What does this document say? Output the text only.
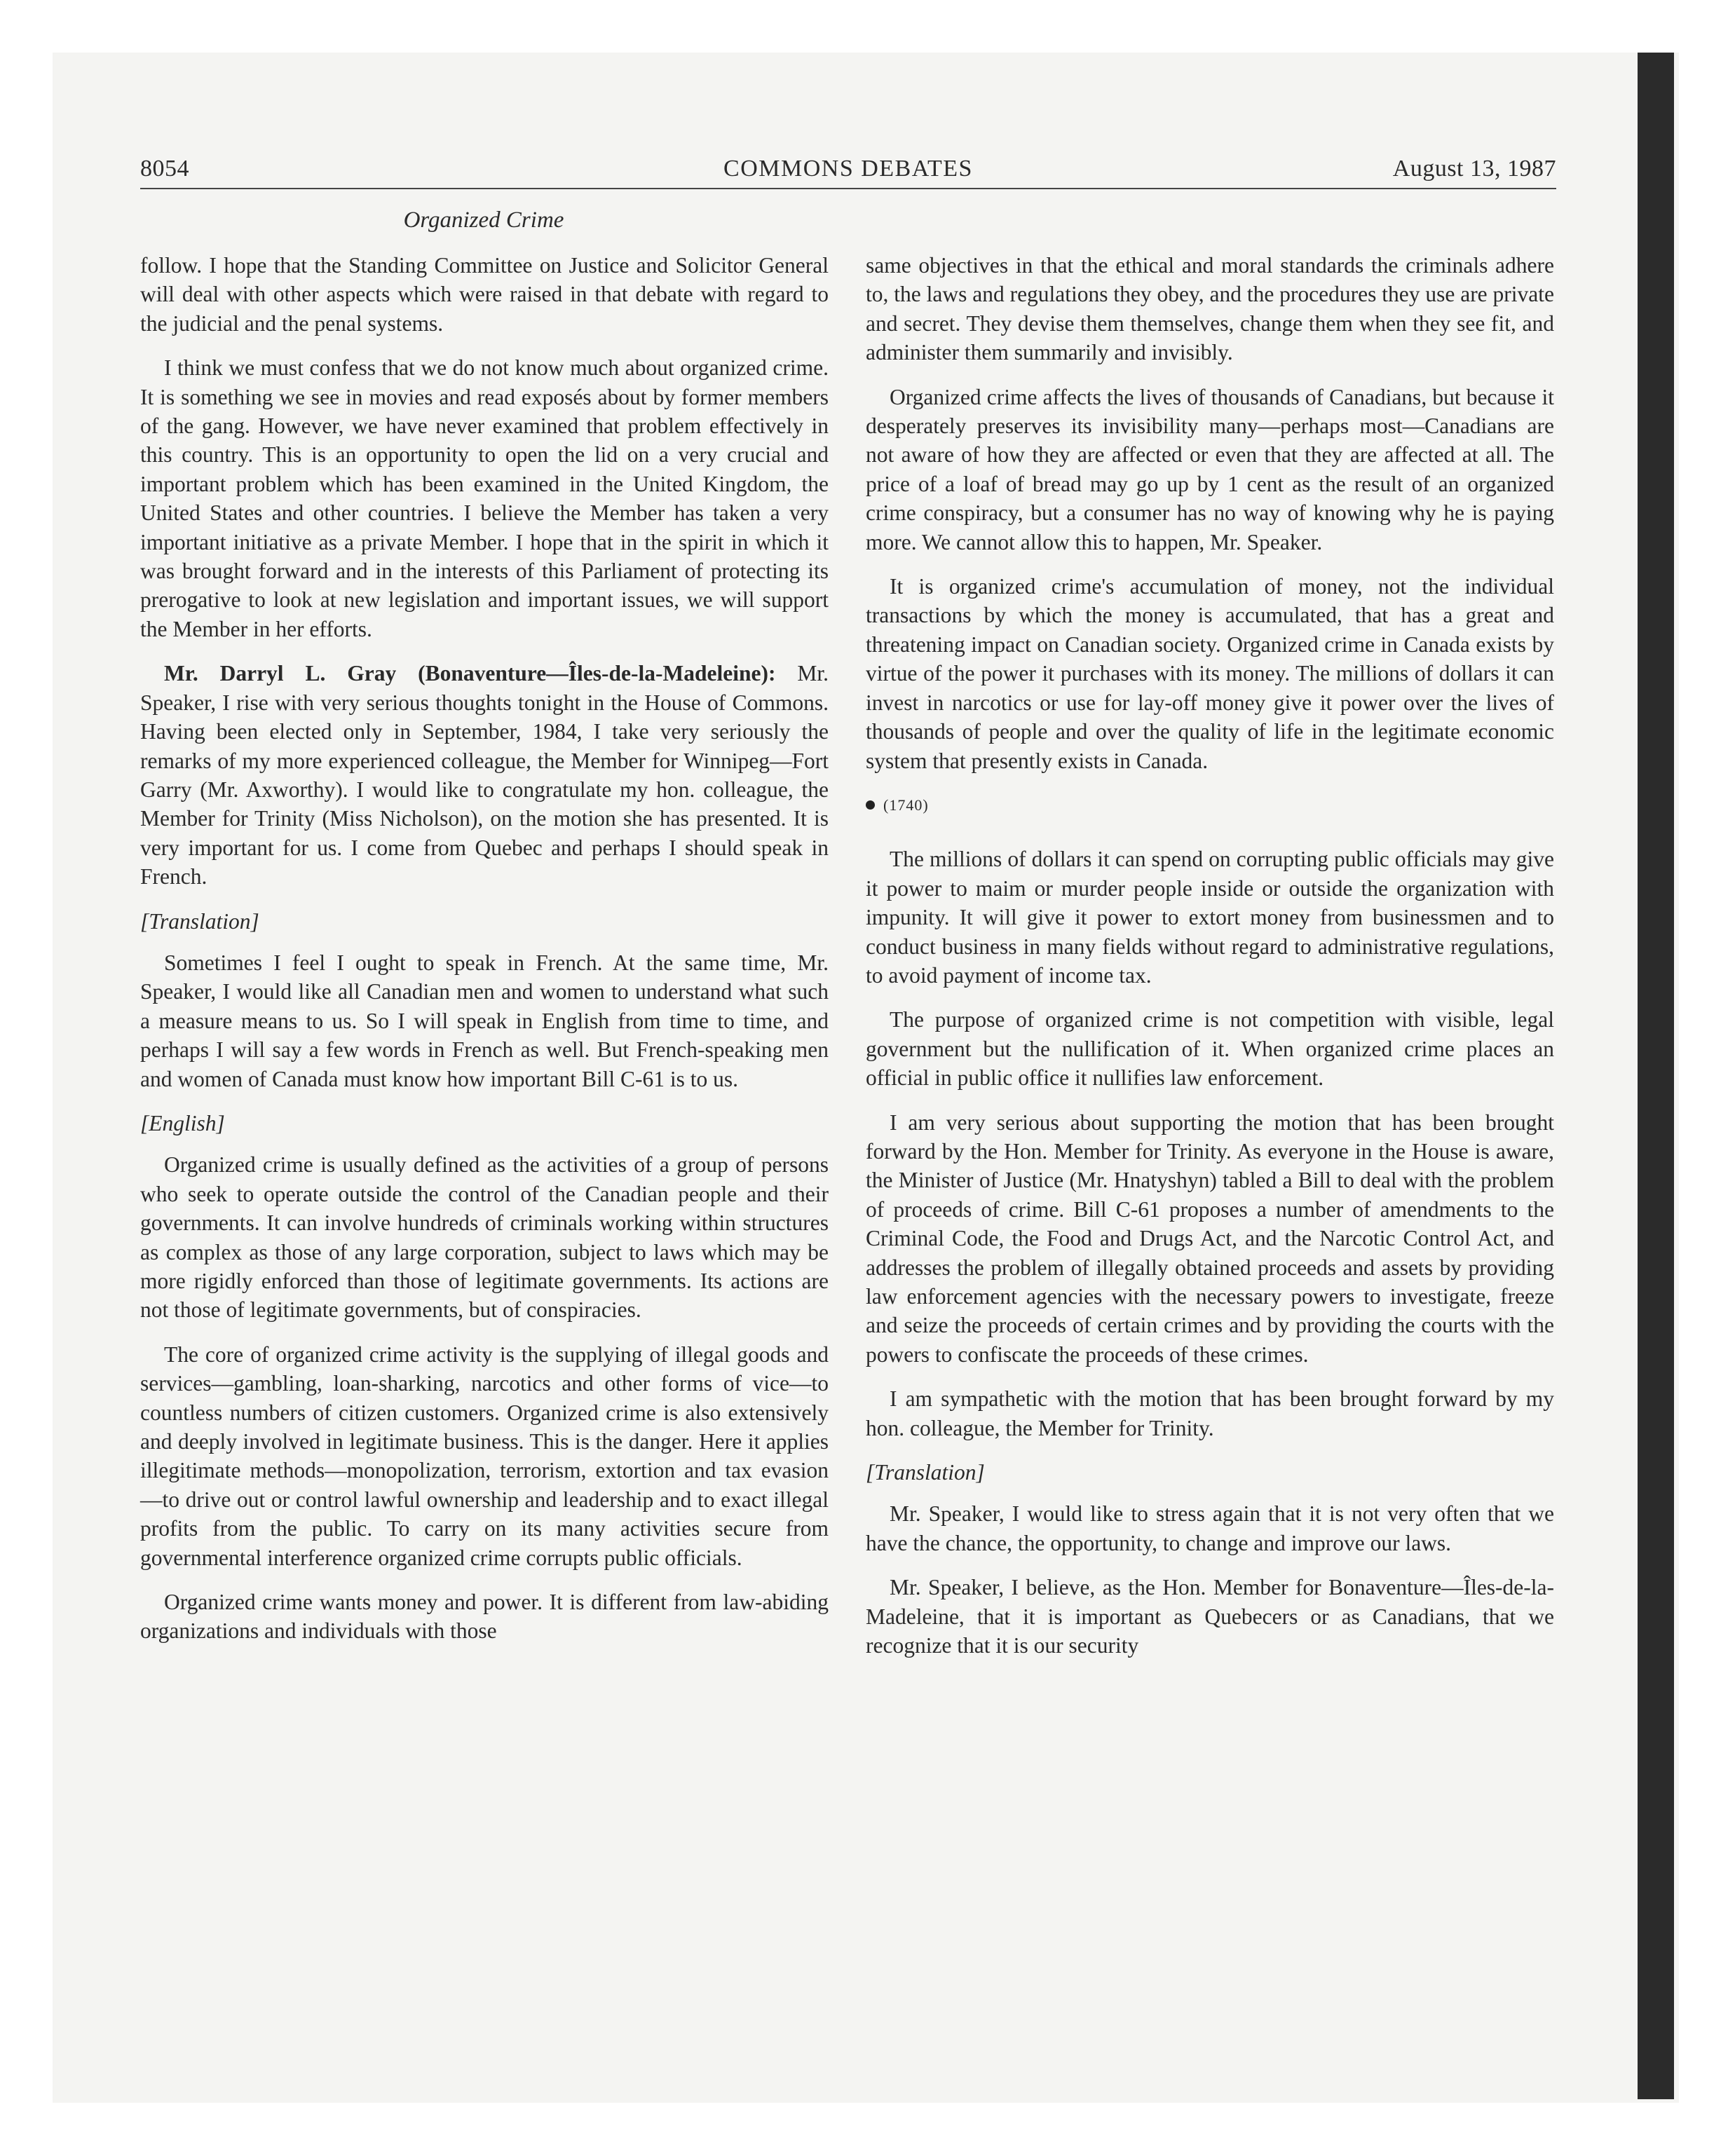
8054	COMMONS DEBATES	August 13, 1987
Organized Crime

follow. I hope that the Standing Committee on Justice and Solicitor General will deal with other aspects which were raised in that debate with regard to the judicial and the penal systems.

I think we must confess that we do not know much about organized crime. It is something we see in movies and read exposés about by former members of the gang. However, we have never examined that problem effectively in this country. This is an opportunity to open the lid on a very crucial and important problem which has been examined in the United Kingdom, the United States and other countries. I believe the Member has taken a very important initiative as a private Member. I hope that in the spirit in which it was brought forward and in the interests of this Parliament of protecting its prerogative to look at new legislation and important issues, we will support the Member in her efforts.

Mr. Darryl L. Gray (Bonaventure—Îles-de-la-Madeleine): Mr. Speaker, I rise with very serious thoughts tonight in the House of Commons. Having been elected only in September, 1984, I take very seriously the remarks of my more experienced colleague, the Member for Winnipeg—Fort Garry (Mr. Axworthy). I would like to congratulate my hon. colleague, the Member for Trinity (Miss Nicholson), on the motion she has presented. It is very important for us. I come from Quebec and perhaps I should speak in French.

[Translation]

Sometimes I feel I ought to speak in French. At the same time, Mr. Speaker, I would like all Canadian men and women to understand what such a measure means to us. So I will speak in English from time to time, and perhaps I will say a few words in French as well. But French-speaking men and women of Canada must know how important Bill C-61 is to us.

[English]

Organized crime is usually defined as the activities of a group of persons who seek to operate outside the control of the Canadian people and their governments. It can involve hundreds of criminals working within structures as complex as those of any large corporation, subject to laws which may be more rigidly enforced than those of legitimate governments. Its actions are not those of legitimate governments, but of conspiracies.

The core of organized crime activity is the supplying of illegal goods and services—gambling, loan-sharking, narcotics and other forms of vice—to countless numbers of citizen customers. Organized crime is also extensively and deeply involved in legitimate business. This is the danger. Here it applies illegitimate methods—monopolization, terrorism, extortion and tax evasion—to drive out or control lawful ownership and leadership and to exact illegal profits from the public. To carry on its many activities secure from governmental interference organized crime corrupts public officials.

Organized crime wants money and power. It is different from law-abiding organizations and individuals with those

same objectives in that the ethical and moral standards the criminals adhere to, the laws and regulations they obey, and the procedures they use are private and secret. They devise them themselves, change them when they see fit, and administer them summarily and invisibly.

Organized crime affects the lives of thousands of Canadians, but because it desperately preserves its invisibility many—perhaps most—Canadians are not aware of how they are affected or even that they are affected at all. The price of a loaf of bread may go up by 1 cent as the result of an organized crime conspiracy, but a consumer has no way of knowing why he is paying more. We cannot allow this to happen, Mr. Speaker.

It is organized crime's accumulation of money, not the individual transactions by which the money is accumulated, that has a great and threatening impact on Canadian society. Organized crime in Canada exists by virtue of the power it purchases with its money. The millions of dollars it can invest in narcotics or use for lay-off money give it power over the lives of thousands of people and over the quality of life in the legitimate economic system that presently exists in Canada.

(1740)

The millions of dollars it can spend on corrupting public officials may give it power to maim or murder people inside or outside the organization with impunity. It will give it power to extort money from businessmen and to conduct business in many fields without regard to administrative regulations, to avoid payment of income tax.

The purpose of organized crime is not competition with visible, legal government but the nullification of it. When organized crime places an official in public office it nullifies law enforcement.

I am very serious about supporting the motion that has been brought forward by the Hon. Member for Trinity. As everyone in the House is aware, the Minister of Justice (Mr. Hnatyshyn) tabled a Bill to deal with the problem of proceeds of crime. Bill C-61 proposes a number of amendments to the Criminal Code, the Food and Drugs Act, and the Narcotic Control Act, and addresses the problem of illegally obtained proceeds and assets by providing law enforcement agencies with the necessary powers to investigate, freeze and seize the proceeds of certain crimes and by providing the courts with the powers to confiscate the proceeds of these crimes.

I am sympathetic with the motion that has been brought forward by my hon. colleague, the Member for Trinity.

[Translation]

Mr. Speaker, I would like to stress again that it is not very often that we have the chance, the opportunity, to change and improve our laws.

Mr. Speaker, I believe, as the Hon. Member for Bonaventure—Îles-de-la-Madeleine, that it is important as Quebecers or as Canadians, that we recognize that it is our security
